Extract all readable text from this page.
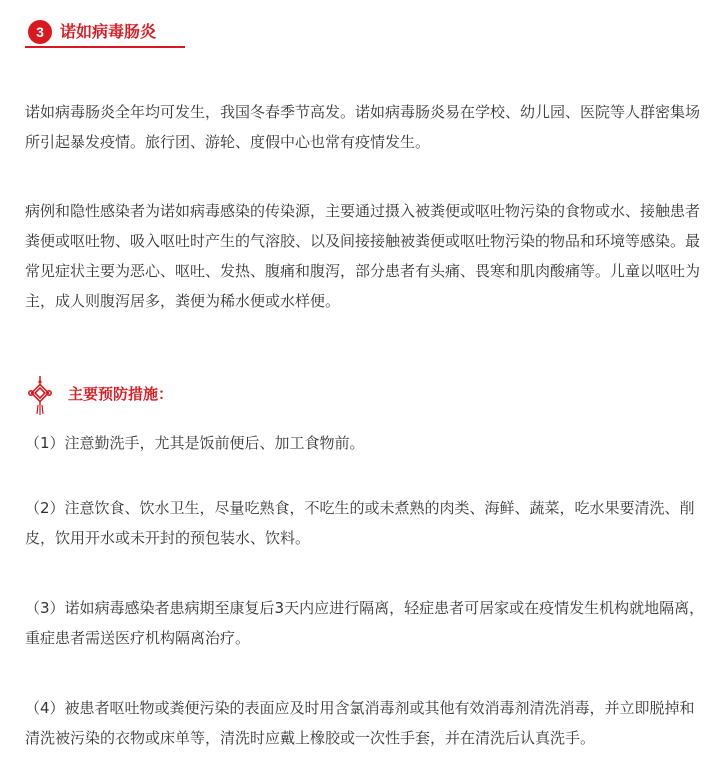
3	诺如病毒肠炎

诺如病毒肠炎全年均可发生，我国冬春季节高发。诺如病毒肠炎易在学校、幼儿园、医院等人群密集场所引起暴发疫情。旅行团、游轮、度假中心也常有疫情发生。

病例和隐性感染者为诺如病毒感染的传染源，主要通过摄入被粪便或呕吐物污染的食物或水、接触患者粪便或呕吐物、吸入呕吐时产生的气溶胶、以及间接接触被粪便或呕吐物污染的物品和环境等感染。最常见症状主要为恶心、呕吐、发热、腹痛和腹泻，部分患者有头痛、畏寒和肌肉酸痛等。儿童以呕吐为主，成人则腹泻居多，粪便为稀水便或水样便。

主要预防措施：

（1）注意勤洗手，尤其是饭前便后、加工食物前。

（2）注意饮食、饮水卫生，尽量吃熟食，不吃生的或未煮熟的肉类、海鲜、蔬菜，吃水果要清洗、削皮，饮用开水或未开封的预包装水、饮料。

（3）诺如病毒感染者患病期至康复后3天内应进行隔离，轻症患者可居家或在疫情发生机构就地隔离，重症患者需送医疗机构隔离治疗。

（4）被患者呕吐物或粪便污染的表面应及时用含氯消毒剂或其他有效消毒剂清洗消毒，并立即脱掉和清洗被污染的衣物或床单等，清洗时应戴上橡胶或一次性手套，并在清洗后认真洗手。
